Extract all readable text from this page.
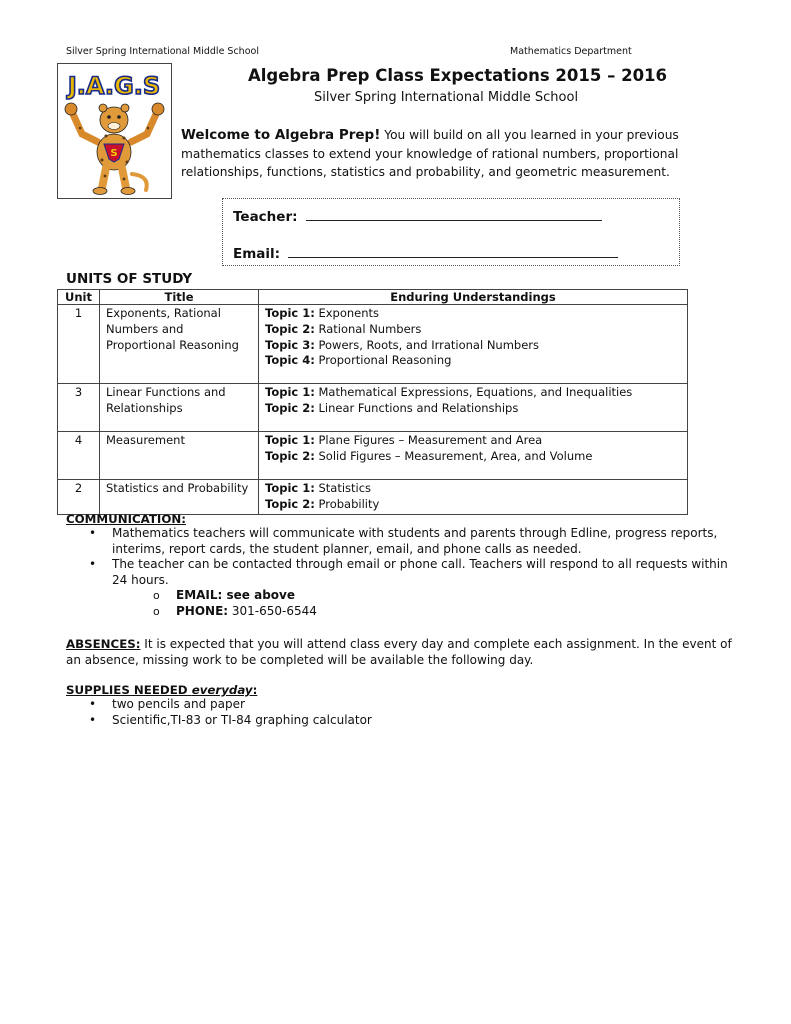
Silver Spring International Middle School	Mathematics Department
J.A.G.S
S
Algebra Prep Class Expectations 2015 – 2016
Silver Spring International Middle School
Welcome to Algebra Prep! You will build on all you learned in your previous mathematics classes to extend your knowledge of rational numbers, proportional relationships, functions, statistics and probability, and geometric measurement.
Teacher:
Email:
UNITS OF STUDY
Unit	Title	Enduring Understandings
1	Exponents, Rational Numbers and Proportional Reasoning	Topic 1: Exponents
Topic 2: Rational Numbers
Topic 3: Powers, Roots, and Irrational Numbers
Topic 4: Proportional Reasoning

3	Linear Functions and Relationships	Topic 1: Mathematical Expressions, Equations, and Inequalities
Topic 2: Linear Functions and Relationships

4	Measurement	Topic 1: Plane Figures – Measurement and Area
Topic 2: Solid Figures – Measurement, Area, and Volume

2	Statistics and Probability	Topic 1: Statistics
Topic 2: Probability
COMMUNICATION:
• Mathematics teachers will communicate with students and parents through Edline, progress reports, interims, report cards, the student planner, email, and phone calls as needed.
• The teacher can be contacted through email or phone call. Teachers will respond to all requests within 24 hours.
o EMAIL: see above
o PHONE: 301-650-6544
ABSENCES: It is expected that you will attend class every day and complete each assignment. In the event of an absence, missing work to be completed will be available the following day.
SUPPLIES NEEDED everyday:
• two pencils and paper
• Scientific,TI-83 or TI-84 graphing calculator
